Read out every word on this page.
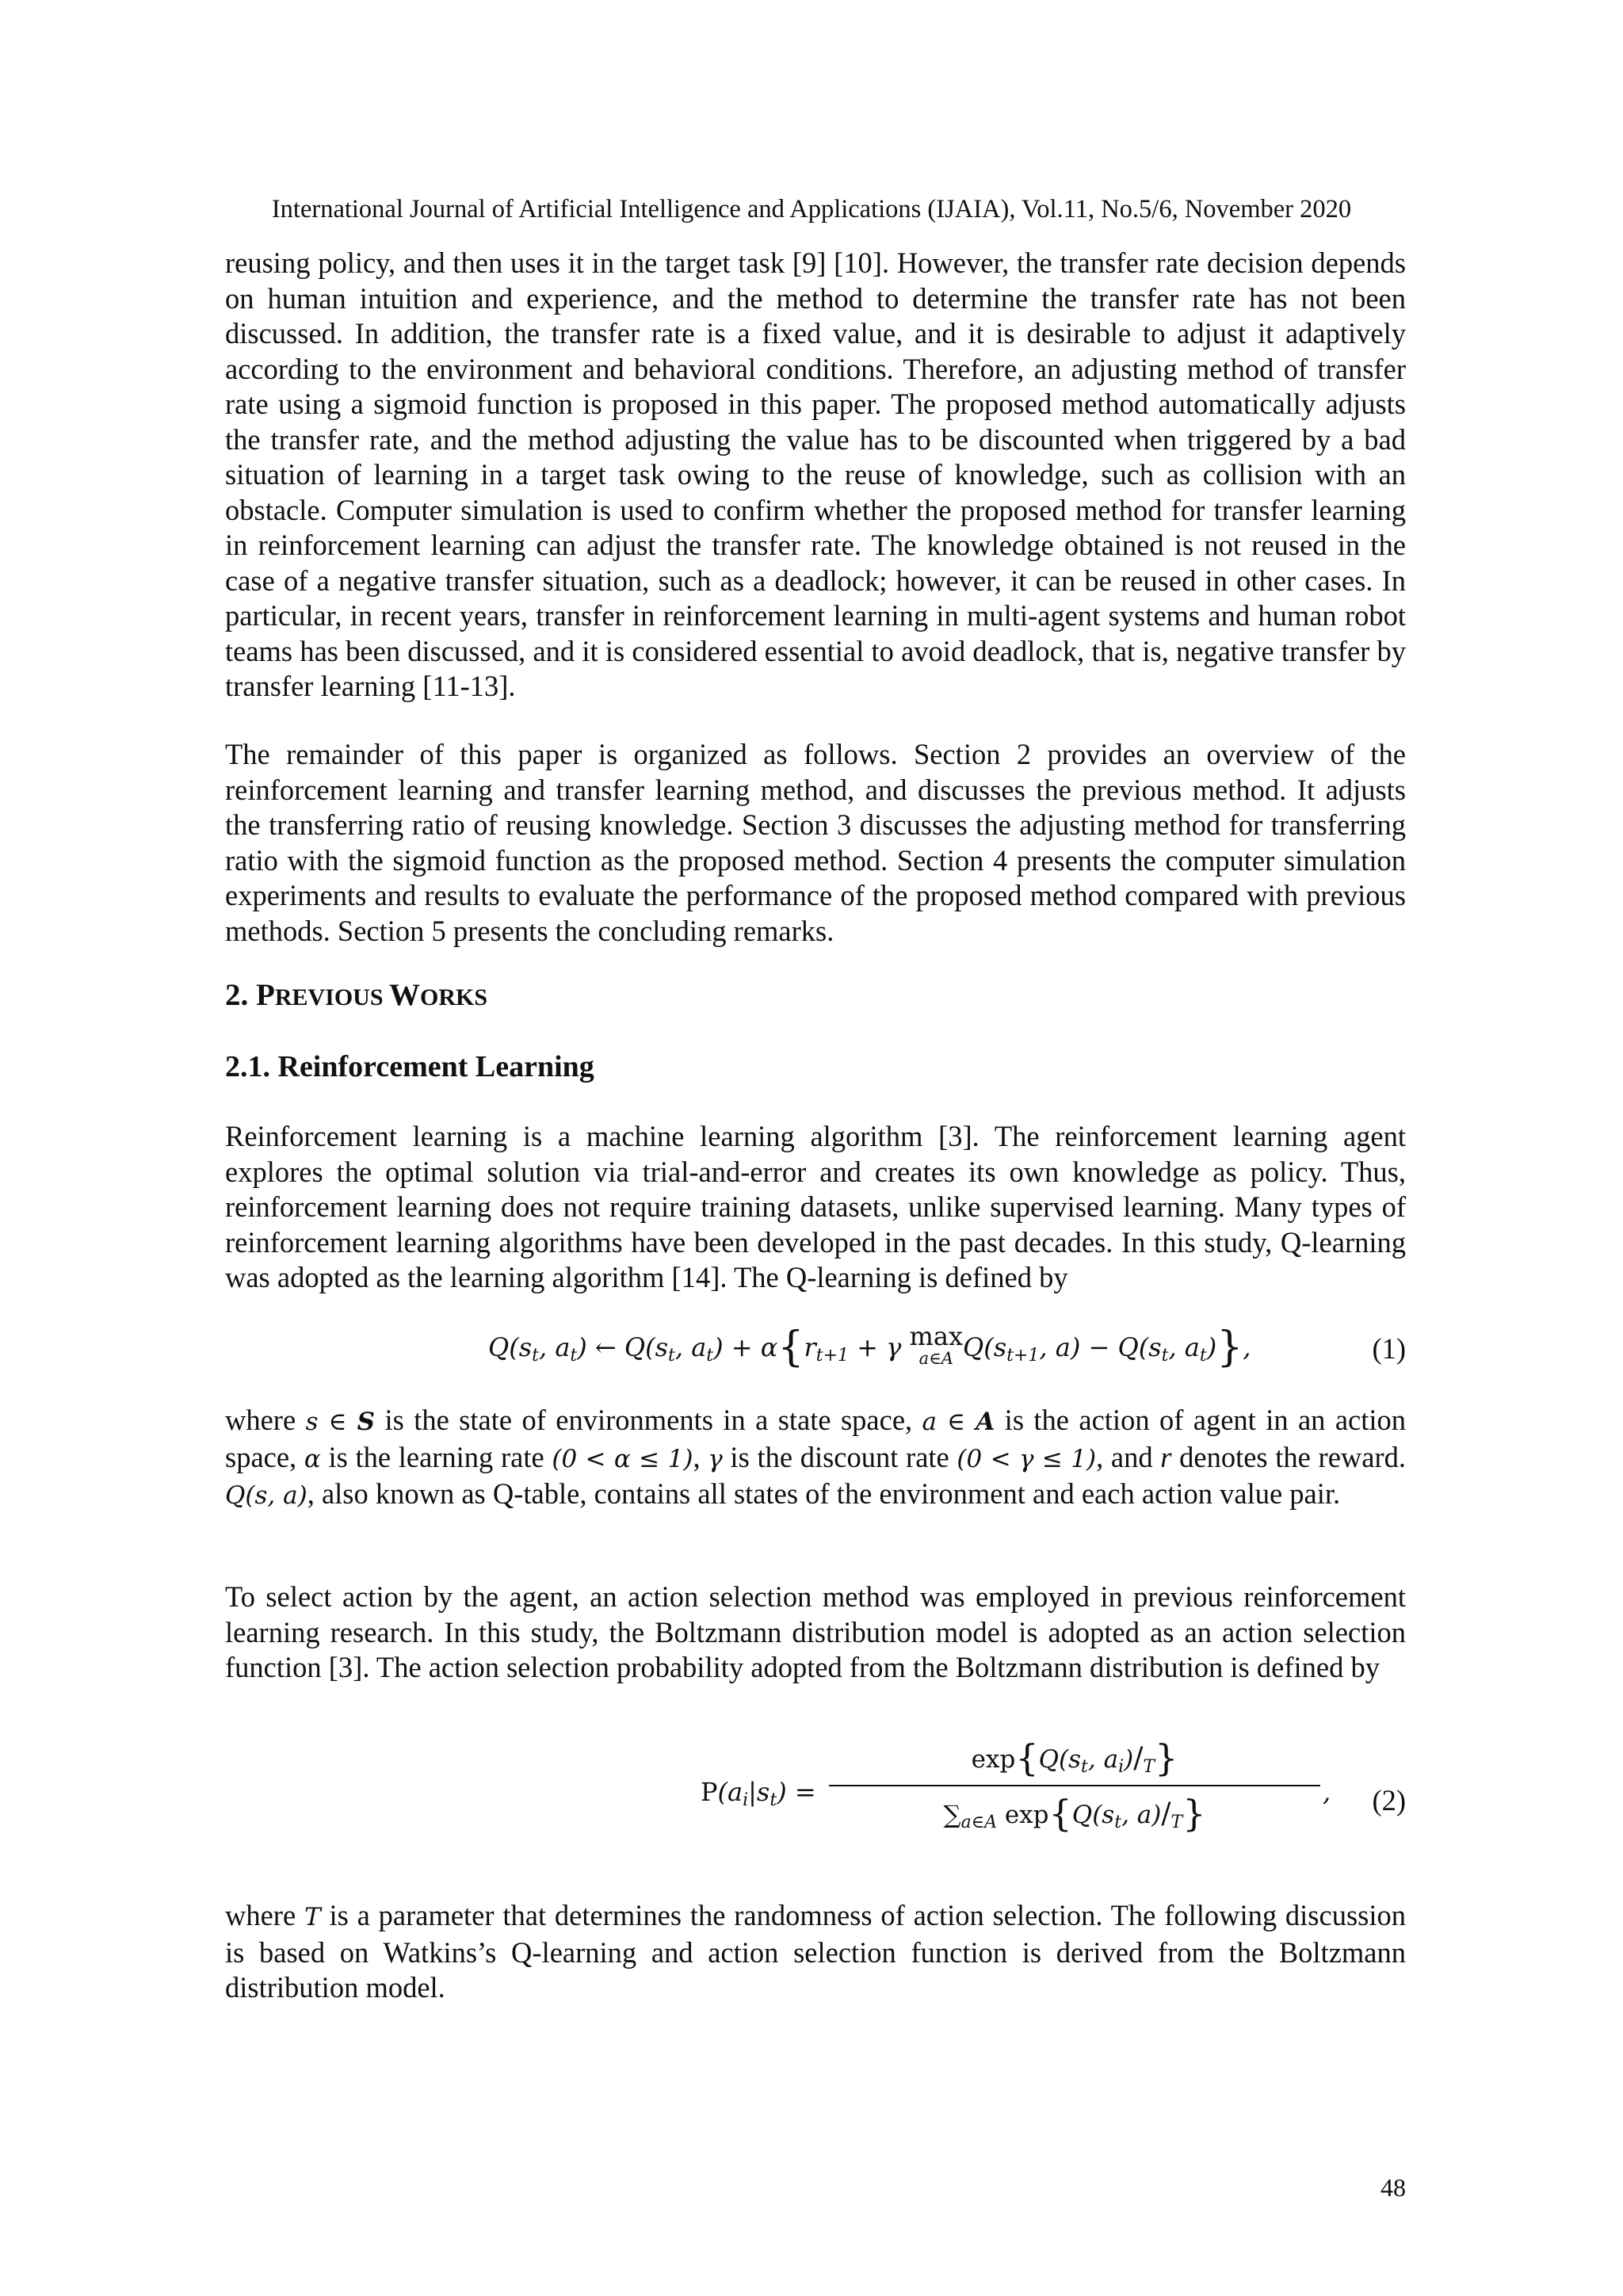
International Journal of Artificial Intelligence and Applications (IJAIA), Vol.11, No.5/6, November 2020

reusing policy, and then uses it in the target task [9] [10]. However, the transfer rate decision depends on human intuition and experience, and the method to determine the transfer rate has not been discussed. In addition, the transfer rate is a fixed value, and it is desirable to adjust it adaptively according to the environment and behavioral conditions. Therefore, an adjusting method of transfer rate using a sigmoid function is proposed in this paper. The proposed method automatically adjusts the transfer rate, and the method adjusting the value has to be discounted when triggered by a bad situation of learning in a target task owing to the reuse of knowledge, such as collision with an obstacle. Computer simulation is used to confirm whether the proposed method for transfer learning in reinforcement learning can adjust the transfer rate. The knowledge obtained is not reused in the case of a negative transfer situation, such as a deadlock; however, it can be reused in other cases. In particular, in recent years, transfer in reinforcement learning in multi-agent systems and human robot teams has been discussed, and it is considered essential to avoid deadlock, that is, negative transfer by transfer learning [11-13].

The remainder of this paper is organized as follows. Section 2 provides an overview of the reinforcement learning and transfer learning method, and discusses the previous method. It adjusts the transferring ratio of reusing knowledge. Section 3 discusses the adjusting method for transferring ratio with the sigmoid function as the proposed method. Section 4 presents the computer simulation experiments and results to evaluate the performance of the proposed method compared with previous methods. Section 5 presents the concluding remarks.

2. PREVIOUS WORKS
2.1. Reinforcement Learning

Reinforcement learning is a machine learning algorithm [3]. The reinforcement learning agent explores the optimal solution via trial-and-error and creates its own knowledge as policy. Thus, reinforcement learning does not require training datasets, unlike supervised learning. Many types of reinforcement learning algorithms have been developed in the past decades. In this study, Q-learning was adopted as the learning algorithm [14]. The Q-learning is defined by

$Q(s_t$, $a_t$) ← $Q(s_t$, $a_t) + \alpha\{r_{t+1} + \gamma$ max
a∈A $Q(s_{t+1}$, $a) - Q(s_t$, $a_t$)},	(1)

where s ∈ S is the state of environments in a state space, a ∈ A is the action of agent in an action space, α is the learning rate (0 < α ≤ 1), γ is the discount rate (0 < γ ≤ 1), and r denotes the reward. Q(s, a), also known as Q-table, contains all states of the environment and each action value pair.

To select action by the agent, an action selection method was employed in previous reinforcement learning research. In this study, the Boltzmann distribution model is adopted as an action selection function [3]. The action selection probability adopted from the Boltzmann distribution is defined by

$P(a_i|s_t)$ =
$\exp\{Q(s_t$, $a_i)/_T$}
$\sum_{a\in A}$ $\exp\{Q(s_t$, $a)/_T$}	, (2)

where T is a parameter that determines the randomness of action selection. The following discussion is based on Watkins’s Q-learning and action selection function is derived from the Boltzmann distribution model.

48
